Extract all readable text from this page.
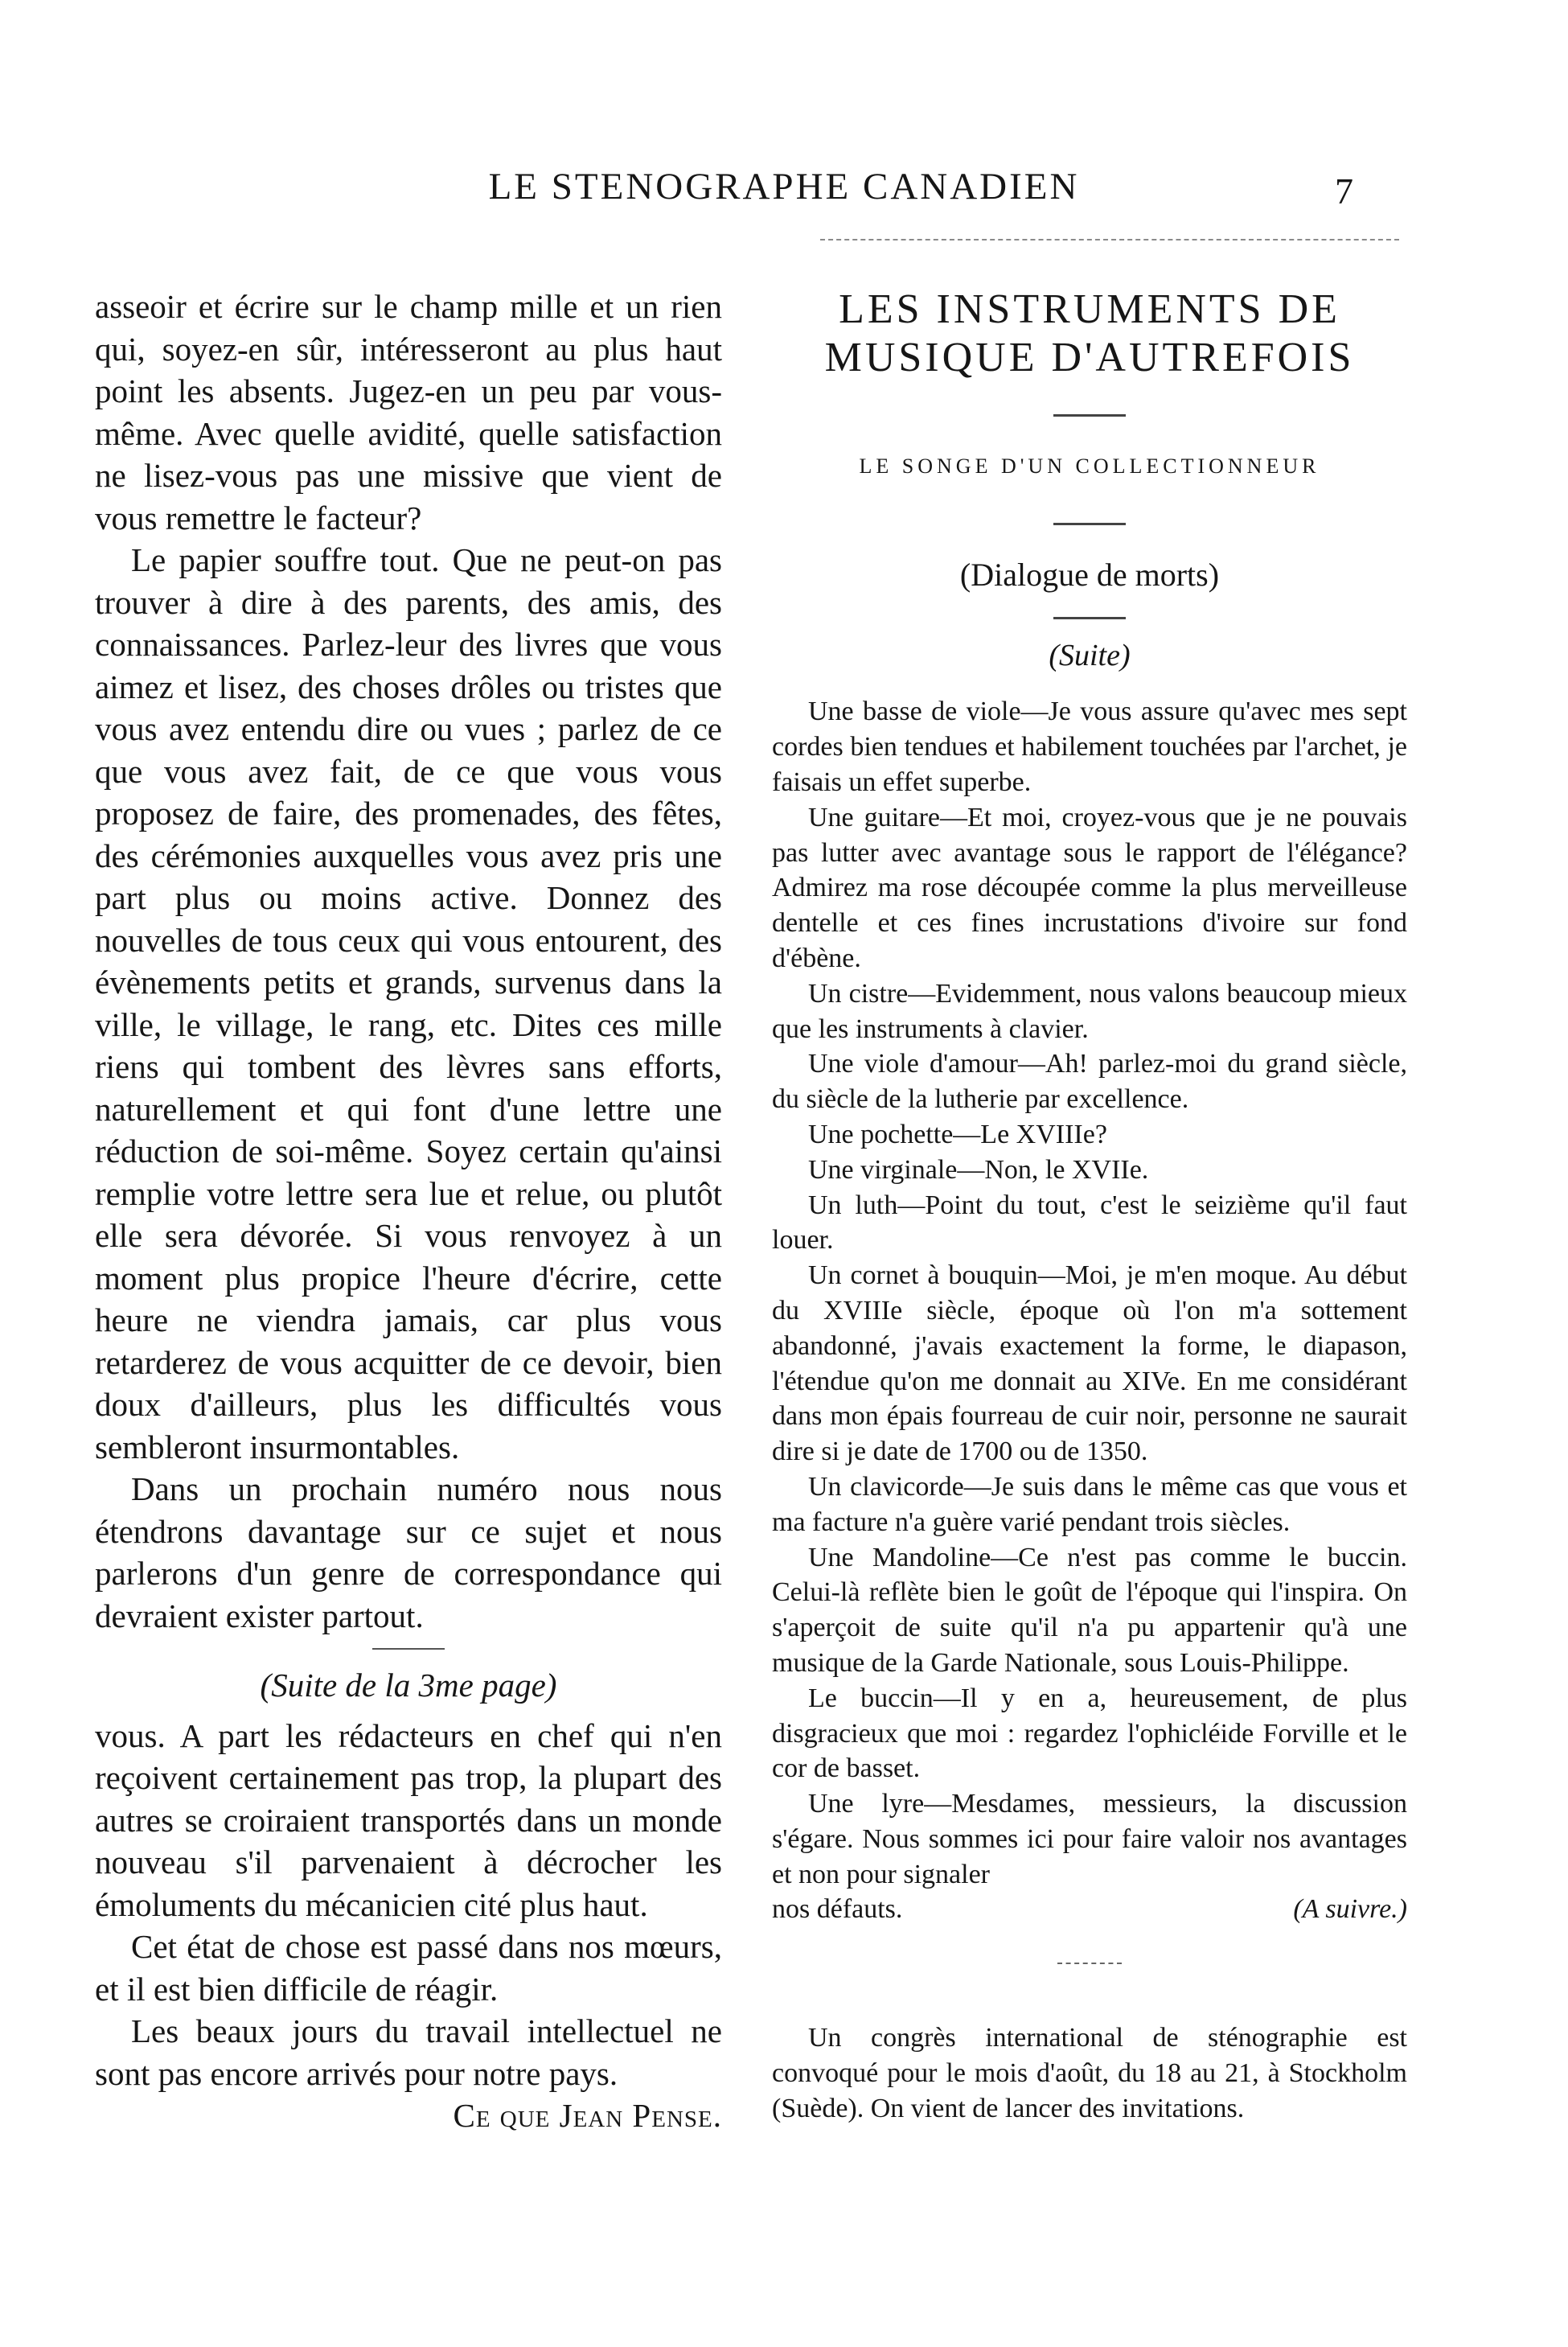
LE STENOGRAPHE CANADIEN	7

asseoir et écrire sur le champ mille et un rien qui, soyez-en sûr, intéresseront au plus haut point les absents. Jugez-en un peu par vous-même. Avec quelle avidité, quelle satisfaction ne lisez-vous pas une missive que vient de vous remettre le facteur?

Le papier souffre tout. Que ne peut-on pas trouver à dire à des parents, des amis, des connaissances. Parlez-leur des livres que vous aimez et lisez, des choses drôles ou tristes que vous avez entendu dire ou vues ; parlez de ce que vous avez fait, de ce que vous vous proposez de faire, des promenades, des fêtes, des cérémonies auxquelles vous avez pris une part plus ou moins active. Donnez des nouvelles de tous ceux qui vous entourent, des évènements petits et grands, survenus dans la ville, le village, le rang, etc. Dites ces mille riens qui tombent des lèvres sans efforts, naturellement et qui font d'une lettre une réduction de soi-même. Soyez certain qu'ainsi remplie votre lettre sera lue et relue, ou plutôt elle sera dévorée. Si vous renvoyez à un moment plus propice l'heure d'écrire, cette heure ne viendra jamais, car plus vous retarderez de vous acquitter de ce devoir, bien doux d'ailleurs, plus les difficultés vous sembleront insurmontables.

Dans un prochain numéro nous nous étendrons davantage sur ce sujet et nous parlerons d'un genre de correspondance qui devraient exister partout.

(Suite de la 3me page)

vous. A part les rédacteurs en chef qui n'en reçoivent certainement pas trop, la plupart des autres se croiraient transportés dans un monde nouveau s'il parvenaient à décrocher les émoluments du mécanicien cité plus haut.

Cet état de chose est passé dans nos mœurs, et il est bien difficile de réagir.

Les beaux jours du travail intellectuel ne sont pas encore arrivés pour notre pays.

Ce que Jean Pense.

LES INSTRUMENTS DE MUSIQUE D'AUTREFOIS

LE SONGE D'UN COLLECTIONNEUR

(Dialogue de morts)

(Suite)

Une basse de viole—Je vous assure qu'avec mes sept cordes bien tendues et habilement touchées par l'archet, je faisais un effet superbe.

Une guitare—Et moi, croyez-vous que je ne pouvais pas lutter avec avantage sous le rapport de l'élégance? Admirez ma rose découpée comme la plus merveilleuse dentelle et ces fines incrustations d'ivoire sur fond d'ébène.

Un cistre—Evidemment, nous valons beaucoup mieux que les instruments à clavier.

Une viole d'amour—Ah! parlez-moi du grand siècle, du siècle de la lutherie par excellence.

Une pochette—Le XVIIIe?

Une virginale—Non, le XVIIe.

Un luth—Point du tout, c'est le seizième qu'il faut louer.

Un cornet à bouquin—Moi, je m'en moque. Au début du XVIIIe siècle, époque où l'on m'a sottement abandonné, j'avais exactement la forme, le diapason, l'étendue qu'on me donnait au XIVe. En me considérant dans mon épais fourreau de cuir noir, personne ne saurait dire si je date de 1700 ou de 1350.

Un clavicorde—Je suis dans le même cas que vous et ma facture n'a guère varié pendant trois siècles.

Une Mandoline—Ce n'est pas comme le buccin. Celui-là reflète bien le goût de l'époque qui l'inspira. On s'aperçoit de suite qu'il n'a pu appartenir qu'à une musique de la Garde Nationale, sous Louis-Philippe.

Le buccin—Il y en a, heureusement, de plus disgracieux que moi : regardez l'ophicléide Forville et le cor de basset.

Une lyre—Mesdames, messieurs, la discussion s'égare. Nous sommes ici pour faire valoir nos avantages et non pour signaler

nos défauts.	(A suivre.)

Un congrès international de sténographie est convoqué pour le mois d'août, du 18 au 21, à Stockholm (Suède). On vient de lancer des invitations.
